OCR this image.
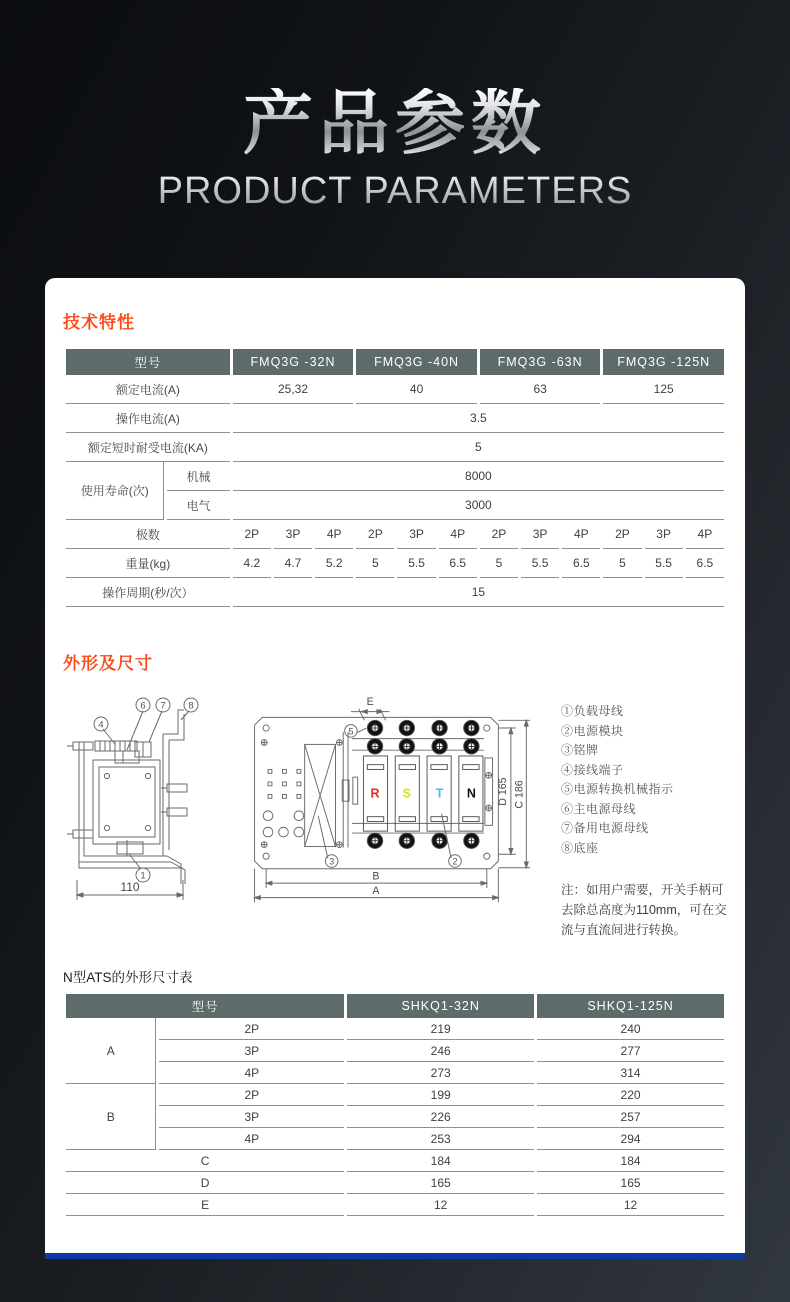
产品参数

PRODUCT PARAMETERS
技术特性
型号		FMQ3G -32N			FMQ3G -40N			FMQ3G -63N			FMQ3G -125N		
额定电流(A)		25,32			40			63			125		
操作电流(A)		3.5											
额定短时耐受电流(KA)		5											
使用寿命(次)	机械	8000											
	电气	3000											
极数		2P	3P	4P	2P	3P	4P	2P	3P	4P	2P	3P	4P
重量(kg)		4.2	4.7	5.2	5	5.5	6.5	5	5.5	6.5	5	5.5	6.5
操作周期(秒/次）		15											
外形及尺寸
4
6 7 8
1
110
R S T N
5
3	2
E
D 165 C 186
B
A
①负载母线
②电源模块
③铭牌
④接线端子
⑤电源转换机械指示
⑥主电源母线
⑦备用电源母线
⑧底座
注：如用户需要，开关手柄可去除总高度为110mm，可在交流与直流间进行转换。
N型ATS的外形尺寸表
型号		SHKQ1-32N	SHKQ1-125N
A	2P	219	240
	3P	246	277
	4P	273	314
B	2P	199	220
	3P	226	257
	4P	253	294
C		184	184
D		165	165
E		12	12
